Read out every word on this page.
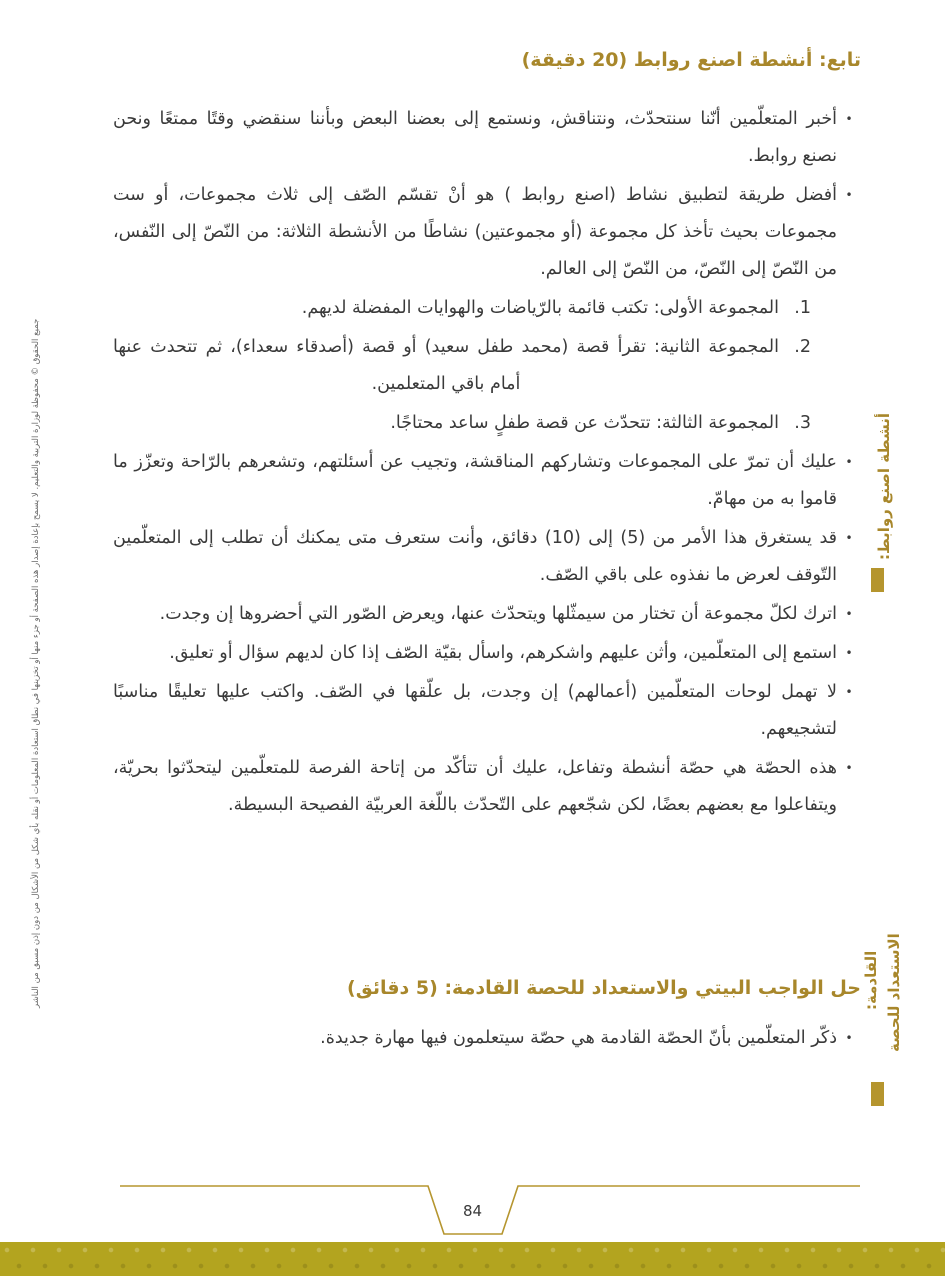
تابع: أنشطة اصنع روابط (20 دقيقة)
•
أخبر المتعلّمين أنّنا سنتحدّث، ونتناقش، ونستمع إلى بعضنا البعض وبأننا سنقضي وقتًا ممتعًا ونحن نصنع روابط.
•
أفضل طريقة لتطبيق نشاط (اصنع روابط ) هو أنْ تقسّم الصّف إلى ثلاث مجموعات، أو ست مجموعات بحيث تأخذ كل مجموعة (أو مجموعتين) نشاطًا من الأنشطة الثلاثة: من النّصّ إلى النّفس، من النّصّ إلى النّصّ، من النّصّ إلى العالم.
1.
المجموعة الأولى: تكتب قائمة بالرّياضات والهوايات المفضلة لديهم.
2.
المجموعة الثانية: تقرأ قصة (محمد طفل سعيد) أو قصة (أصدقاء سعداء)، ثم تتحدث عنها أمام باقي المتعلمين.
3.
المجموعة الثالثة: تتحدّث عن قصة طفلٍ ساعد محتاجًا.
•
عليك أن تمرّ على المجموعات وتشاركهم المناقشة، وتجيب عن أسئلتهم، وتشعرهم بالرّاحة وتعزّز ما قاموا به من مهامّ.
•
قد يستغرق هذا الأمر من (5) إلى (10) دقائق، وأنت ستعرف متى يمكنك أن تطلب إلى المتعلّمين التّوقف لعرض ما نفذوه على باقي الصّف.
•
اترك لكلّ مجموعة أن تختار من سيمثّلها ويتحدّث عنها، ويعرض الصّور التي أحضروها إن وجدت.
•
استمع إلى المتعلّمين، وأثن عليهم واشكرهم، واسأل بقيّة الصّف إذا كان لديهم سؤال أو تعليق.
•
لا تهمل لوحات المتعلّمين (أعمالهم) إن وجدت، بل علّقها في الصّف. واكتب عليها تعليقًا مناسبًا لتشجيعهم.
•
هذه الحصّة هي حصّة أنشطة وتفاعل، عليك أن تتأكّد من إتاحة الفرصة للمتعلّمين ليتحدّثوا بحريّة، ويتفاعلوا مع بعضهم بعضًا، لكن شجّعهم على التّحدّث باللّغة العربيّة الفصيحة البسيطة.
حل الواجب البيتي والاستعداد للحصة القادمة: (5 دقائق)
•
ذكّر المتعلّمين بأنّ الحصّة القادمة هي حصّة سيتعلمون فيها مهارة جديدة.
أنشطة اصنع روابط:
الاستعداد للحصة
القادمة:
جميع الحقوق © محفوظة لوزارة التربية والتعليم. لا يسمح بإعادة إصدار هذه الصفحة أو جزء منها أو تخزينها في نطاق استعادة المعلومات أو نقله بأي شكل من الأشكال من دون إذن مسبق من الناشر
84
